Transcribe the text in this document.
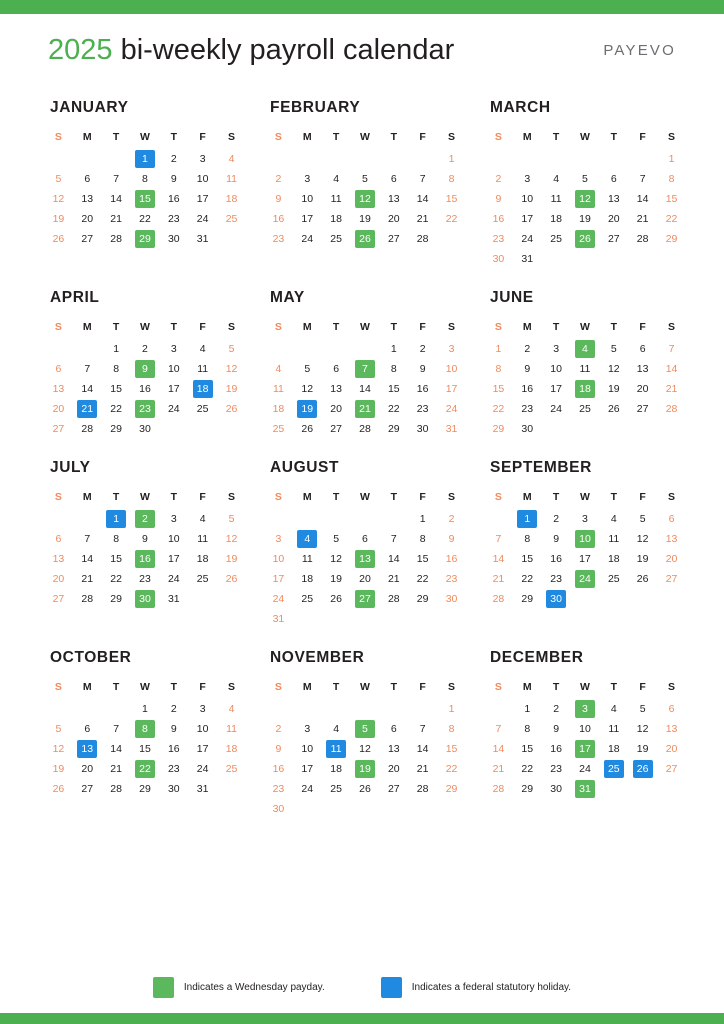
2025 bi-weekly payroll calendar	PAYEVO
JANUARY
S	M	T	W	T	F	S

			1	2	3	4

5	6	7	8	9	10	11

12	13	14	15	16	17	18

19	20	21	22	23	24	25

26	27	28	29	30	31	

FEBRUARY
S	M	T	W	T	F	S

						1

2	3	4	5	6	7	8

9	10	11	12	13	14	15

16	17	18	19	20	21	22

23	24	25	26	27	28	

MARCH
S	M	T	W	T	F	S

						1

2	3	4	5	6	7	8

9	10	11	12	13	14	15

16	17	18	19	20	21	22

23	24	25	26	27	28	29

30	31					

APRIL
S	M	T	W	T	F	S

		1	2	3	4	5

6	7	8	9	10	11	12

13	14	15	16	17	18	19

20	21	22	23	24	25	26

27	28	29	30			

MAY
S	M	T	W	T	F	S

				1	2	3

4	5	6	7	8	9	10

11	12	13	14	15	16	17

18	19	20	21	22	23	24

25	26	27	28	29	30	31
JUNE
S	M	T	W	T	F	S

1	2	3	4	5	6	7

8	9	10	11	12	13	14

15	16	17	18	19	20	21

22	23	24	25	26	27	28

29	30					

JULY
S	M	T	W	T	F	S

		1	2	3	4	5

6	7	8	9	10	11	12

13	14	15	16	17	18	19

20	21	22	23	24	25	26

27	28	29	30	31		

AUGUST
S	M	T	W	T	F	S

					1	2

3	4	5	6	7	8	9

10	11	12	13	14	15	16

17	18	19	20	21	22	23

24	25	26	27	28	29	30

31						

SEPTEMBER
S	M	T	W	T	F	S

	1	2	3	4	5	6

7	8	9	10	11	12	13

14	15	16	17	18	19	20

21	22	23	24	25	26	27

28	29	30				

OCTOBER
S	M	T	W	T	F	S

			1	2	3	4

5	6	7	8	9	10	11

12	13	14	15	16	17	18

19	20	21	22	23	24	25

26	27	28	29	30	31	

NOVEMBER
S	M	T	W	T	F	S

						1

2	3	4	5	6	7	8

9	10	11	12	13	14	15

16	17	18	19	20	21	22

23	24	25	26	27	28	29

30						

DECEMBER
S	M	T	W	T	F	S

	1	2	3	4	5	6

7	8	9	10	11	12	13

14	15	16	17	18	19	20

21	22	23	24	25	26	27

28	29	30	31			

Indicates a Wednesday payday.	Indicates a federal statutory holiday.
